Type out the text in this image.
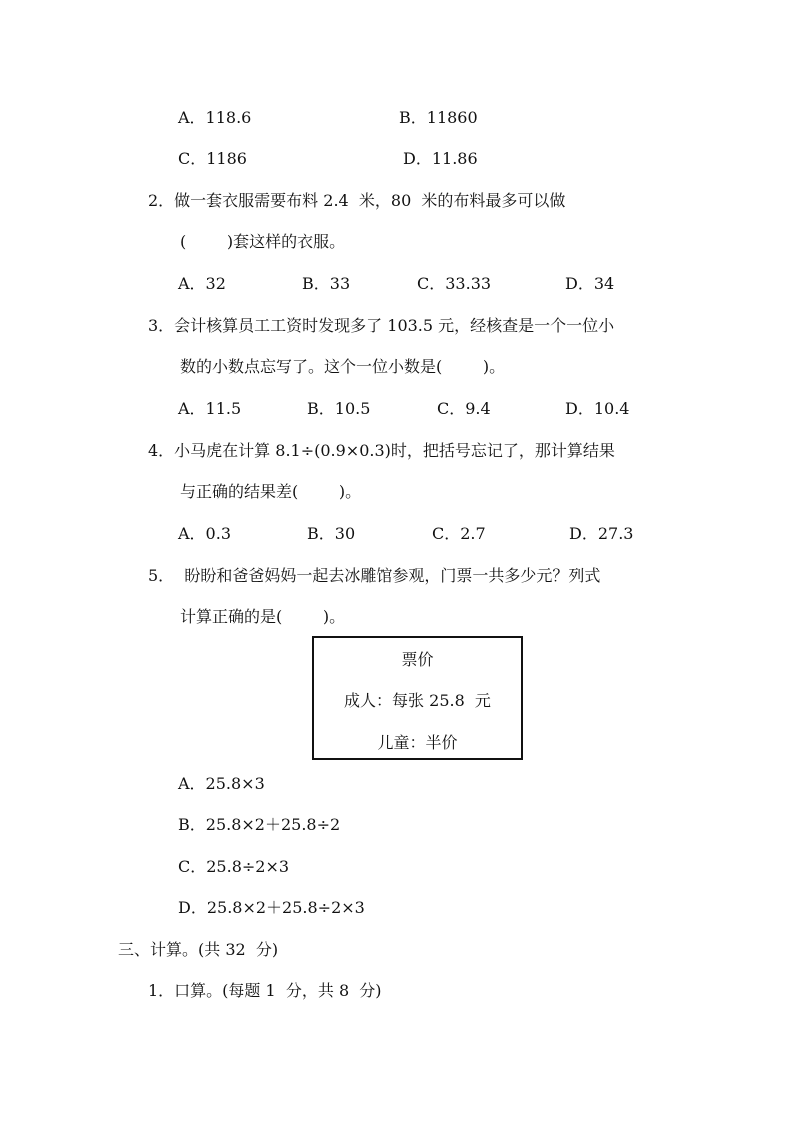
A．118.6	B．11860
C．1186	D．11.86
2．做一套衣服需要布料 2.4  米，80  米的布料最多可以做
(        )套这样的衣服。
A．32	B．33	C．33.33	D．34
3．会计核算员工工资时发现多了 103.5 元，经核查是一个一位小
数的小数点忘写了。这个一位小数是(        )。
A．11.5	B．10.5	C．9.4	D．10.4
4．小马虎在计算 8.1÷(0.9×0.3)时，把括号忘记了，那计算结果
与正确的结果差(        )。
A．0.3	B．30	C．2.7	D．27.3
5．  盼盼和爸爸妈妈一起去冰雕馆参观，门票一共多少元？列式
计算正确的是(        )。
票价
成人：每张 25.8  元
儿童：半价
A．25.8×3
B．25.8×2＋25.8÷2
C．25.8÷2×3
D．25.8×2＋25.8÷2×3
三、计算。(共 32  分)
1．口算。(每题 1  分，共 8  分)
